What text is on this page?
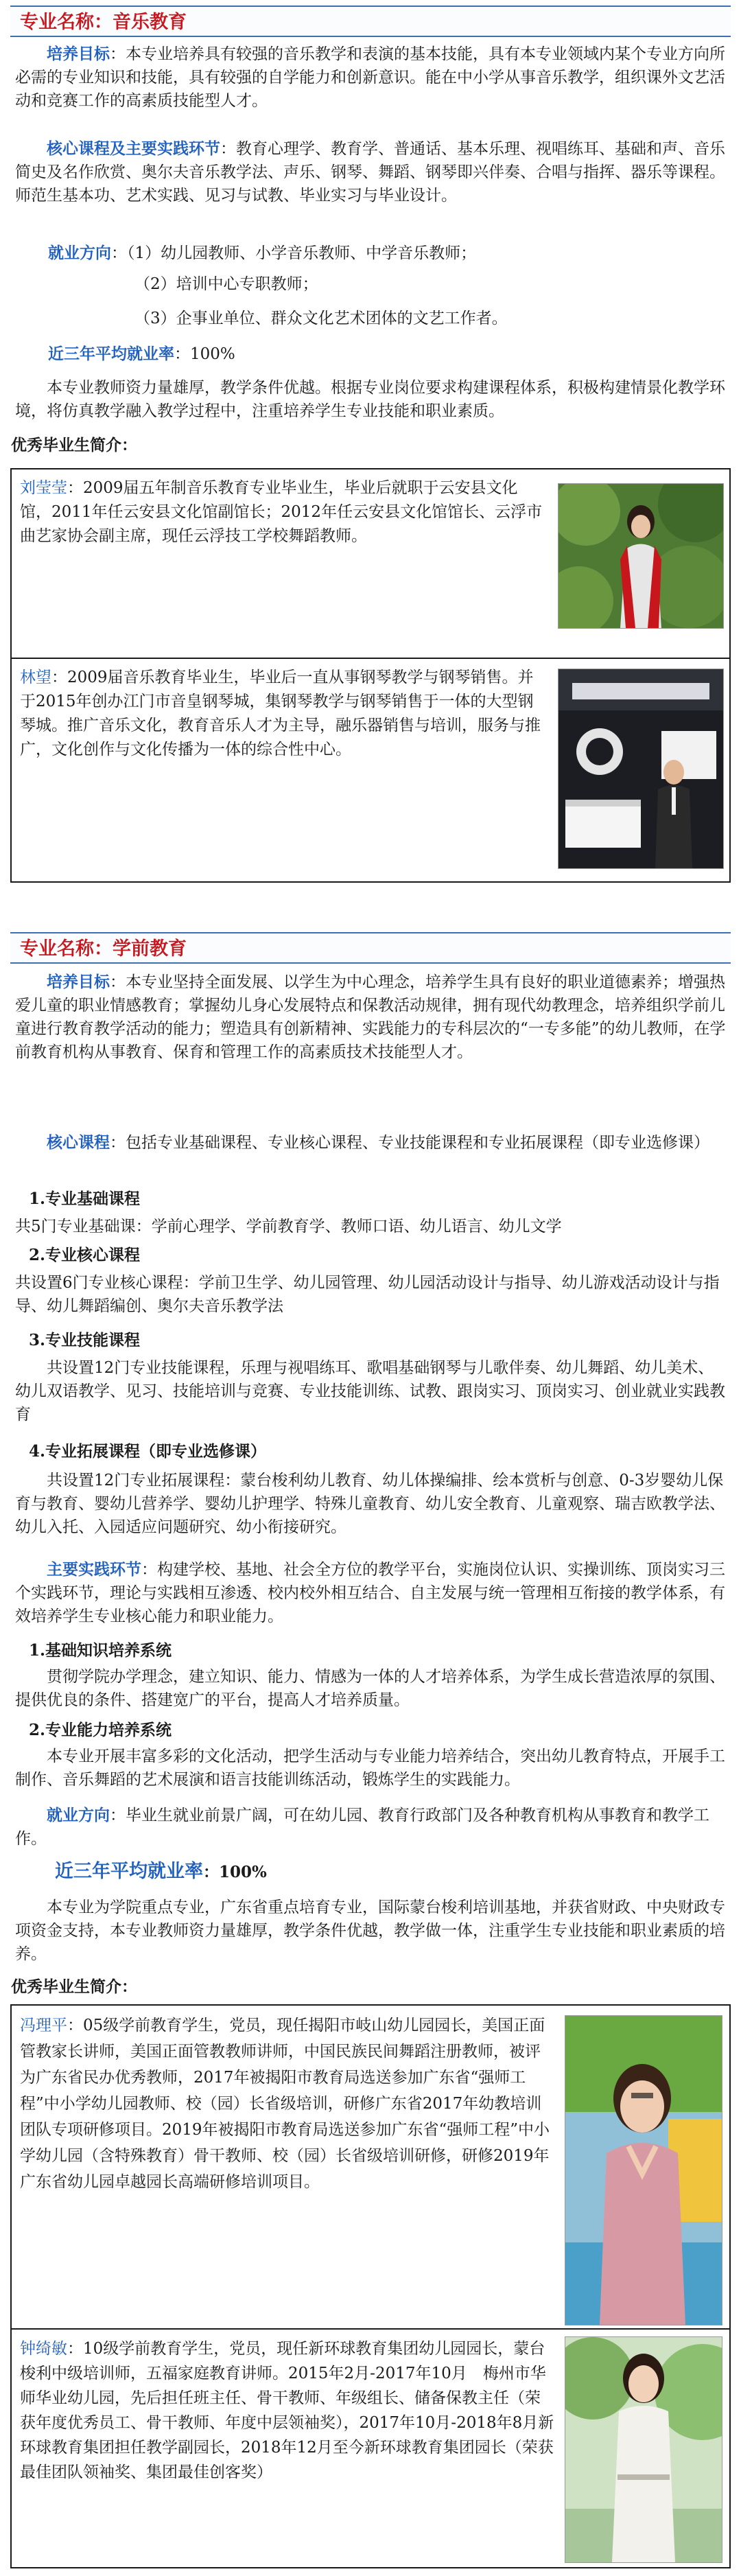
专业名称：音乐教育

培养目标：本专业培养具有较强的音乐教学和表演的基本技能，具有本专业领域内某个专业方向所必需的专业知识和技能，具有较强的自学能力和创新意识。能在中小学从事音乐教学，组织课外文艺活动和竞赛工作的高素质技能型人才。

核心课程及主要实践环节：教育心理学、教育学、普通话、基本乐理、视唱练耳、基础和声、音乐简史及名作欣赏、奥尔夫音乐教学法、声乐、钢琴、舞蹈、钢琴即兴伴奏、合唱与指挥、器乐等课程。师范生基本功、艺术实践、见习与试教、毕业实习与毕业设计。

就业方向：（1）幼儿园教师、小学音乐教师、中学音乐教师；

（2）培训中心专职教师；

（3）企事业单位、群众文化艺术团体的文艺工作者。

近三年平均就业率：100%

本专业教师资力量雄厚，教学条件优越。根据专业岗位要求构建课程体系，积极构建情景化教学环境，将仿真教学融入教学过程中，注重培养学生专业技能和职业素质。

优秀毕业生简介：

刘莹莹：2009届五年制音乐教育专业毕业生，毕业后就职于云安县文化馆，2011年任云安县文化馆副馆长；2012年任云安县文化馆馆长、云浮市曲艺家协会副主席，现任云浮技工学校舞蹈教师。

林望：2009届音乐教育毕业生，毕业后一直从事钢琴教学与钢琴销售。并于2015年创办江门市音皇钢琴城，集钢琴教学与钢琴销售于一体的大型钢琴城。推广音乐文化，教育音乐人才为主导，融乐器销售与培训，服务与推广，文化创作与文化传播为一体的综合性中心。

专业名称：学前教育

培养目标：本专业坚持全面发展、以学生为中心理念，培养学生具有良好的职业道德素养；增强热爱儿童的职业情感教育；掌握幼儿身心发展特点和保教活动规律，拥有现代幼教理念，培养组织学前儿童进行教育教学活动的能力；塑造具有创新精神、实践能力的专科层次的“一专多能”的幼儿教师，在学前教育机构从事教育、保育和管理工作的高素质技术技能型人才。

核心课程：包括专业基础课程、专业核心课程、专业技能课程和专业拓展课程（即专业选修课）

1.专业基础课程

共5门专业基础课：学前心理学、学前教育学、教师口语、幼儿语言、幼儿文学

2.专业核心课程

共设置6门专业核心课程：学前卫生学、幼儿园管理、幼儿园活动设计与指导、幼儿游戏活动设计与指导、幼儿舞蹈编创、奥尔夫音乐教学法

3.专业技能课程

共设置12门专业技能课程，乐理与视唱练耳、歌唱基础钢琴与儿歌伴奏、幼儿舞蹈、幼儿美术、幼儿双语教学、见习、技能培训与竞赛、专业技能训练、试教、跟岗实习、顶岗实习、创业就业实践教育

4.专业拓展课程（即专业选修课）

共设置12门专业拓展课程：蒙台梭利幼儿教育、幼儿体操编排、绘本赏析与创意、0-3岁婴幼儿保育与教育、婴幼儿营养学、婴幼儿护理学、特殊儿童教育、幼儿安全教育、儿童观察、瑞吉欧教学法、幼儿入托、入园适应问题研究、幼小衔接研究。

主要实践环节：构建学校、基地、社会全方位的教学平台，实施岗位认识、实操训练、顶岗实习三个实践环节，理论与实践相互渗透、校内校外相互结合、自主发展与统一管理相互衔接的教学体系，有效培养学生专业核心能力和职业能力。

1.基础知识培养系统

贯彻学院办学理念，建立知识、能力、情感为一体的人才培养体系，为学生成长营造浓厚的氛围、提供优良的条件、搭建宽广的平台，提高人才培养质量。

2.专业能力培养系统

本专业开展丰富多彩的文化活动，把学生活动与专业能力培养结合，突出幼儿教育特点，开展手工制作、音乐舞蹈的艺术展演和语言技能训练活动，锻炼学生的实践能力。

就业方向：毕业生就业前景广阔，可在幼儿园、教育行政部门及各种教育机构从事教育和教学工作。

近三年平均就业率：100%

本专业为学院重点专业，广东省重点培育专业，国际蒙台梭利培训基地，并获省财政、中央财政专项资金支持，本专业教师资力量雄厚，教学条件优越，教学做一体，注重学生专业技能和职业素质的培养。

优秀毕业生简介：

冯理平：05级学前教育学生，党员，现任揭阳市岐山幼儿园园长，美国正面管教家长讲师，美国正面管教教师讲师，中国民族民间舞蹈注册教师，被评为广东省民办优秀教师，2017年被揭阳市教育局选送参加广东省“强师工程”中小学幼儿园教师、校（园）长省级培训，研修广东省2017年幼教培训团队专项研修项目。2019年被揭阳市教育局选送参加广东省“强师工程”中小学幼儿园（含特殊教育）骨干教师、校（园）长省级培训研修，研修2019年广东省幼儿园卓越园长高端研修培训项目。

钟绮敏：10级学前教育学生，党员，现任新环球教育集团幼儿园园长，蒙台梭利中级培训师，五福家庭教育讲师。2015年2月-2017年10月　梅州市华师华业幼儿园，先后担任班主任、骨干教师、年级组长、储备保教主任（荣获年度优秀员工、骨干教师、年度中层领袖奖），2017年10月-2018年8月新环球教育集团担任教学副园长，2018年12月至今新环球教育集团园长（荣获最佳团队领袖奖、集团最佳创客奖）
